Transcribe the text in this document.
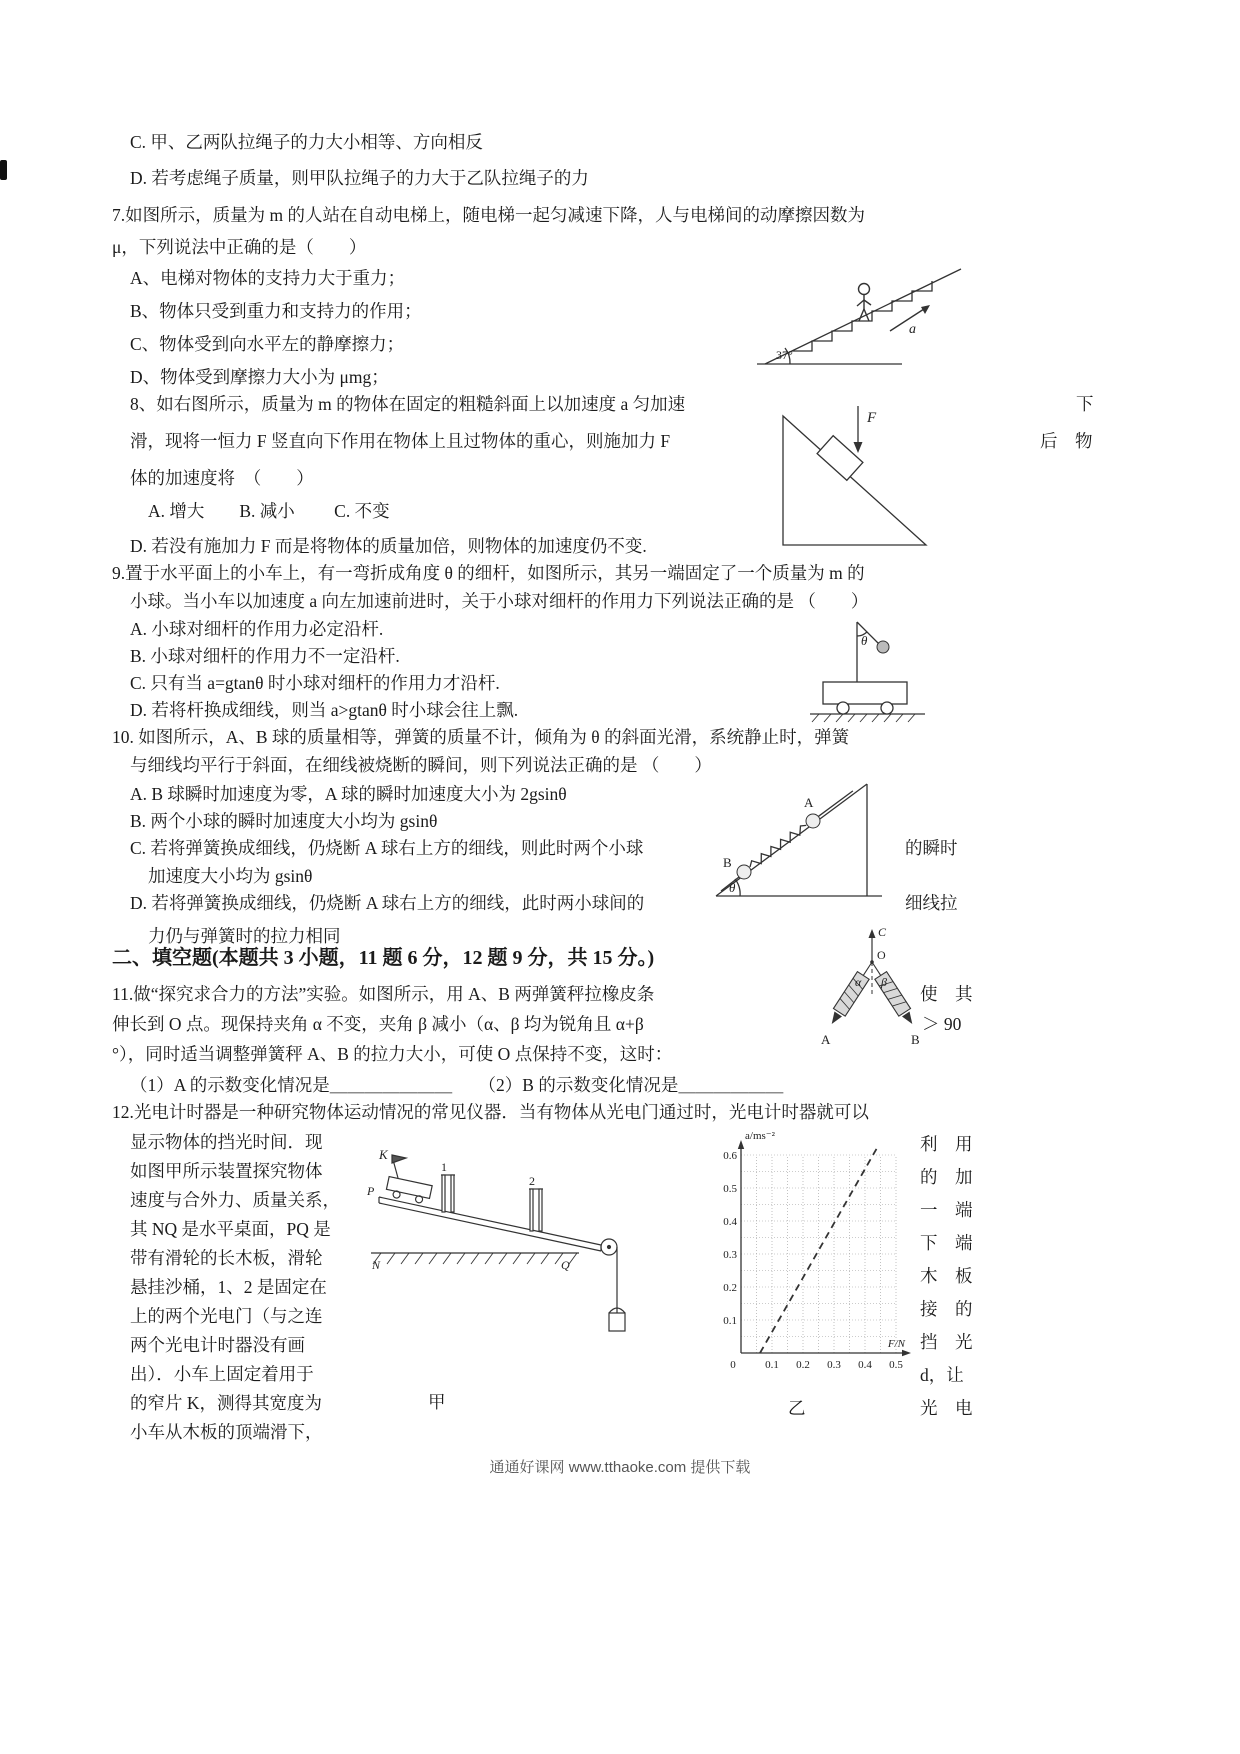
C. 甲、乙两队拉绳子的力大小相等、方向相反
D. 若考虑绳子质量，则甲队拉绳子的力大于乙队拉绳子的力
7.如图所示，质量为 m 的人站在自动电梯上，随电梯一起匀减速下降，人与电梯间的动摩擦因数为
μ，下列说法中正确的是（　　）
A、电梯对物体的支持力大于重力；
B、物体只受到重力和支持力的作用；
C、物体受到向水平左的静摩擦力；
D、物体受到摩擦力大小为 μmg；
a
37°
8、如右图所示，质量为 m 的物体在固定的粗糙斜面上以加速度 a 匀加速	下
滑，现将一恒力 F 竖直向下作用在物体上且过物体的重心，则施加力 F	后　物
体的加速度将  （　　）
A. 增大　　B. 减小　　 C. 不变
D. 若没有施加力 F 而是将物体的质量加倍，则物体的加速度仍不变.
F
9.置于水平面上的小车上，有一弯折成角度 θ 的细杆，如图所示，其另一端固定了一个质量为 m 的
小球。当小车以加速度 a 向左加速前进时，关于小球对细杆的作用力下列说法正确的是 （　　）
A. 小球对细杆的作用力必定沿杆.
B. 小球对细杆的作用力不一定沿杆.
C. 只有当 a=gtanθ 时小球对细杆的作用力才沿杆.
D. 若将杆换成细线，则当 a>gtanθ 时小球会往上飘.
θ
10. 如图所示，A、B 球的质量相等，弹簧的质量不计，倾角为 θ 的斜面光滑，系统静止时，弹簧
与细线均平行于斜面，在细线被烧断的瞬间，则下列说法正确的是 （　　）
A. B 球瞬时加速度为零，A 球的瞬时加速度大小为 2gsinθ
B. 两个小球的瞬时加速度大小均为 gsinθ
C. 若将弹簧换成细线，仍烧断 A 球右上方的细线，则此时两个小球	的瞬时
加速度大小均为 gsinθ
D. 若将弹簧换成细线，仍烧断 A 球右上方的细线，此时两小球间的	细线拉
力仍与弹簧时的拉力相同
B
A
θ
二、填空题(本题共 3 小题，11 题 6 分，12 题 9 分，共 15 分。)
11.做“探究求合力的方法”实验。如图所示，用 A、B 两弹簧秤拉橡皮条	使　其
伸长到 O 点。现保持夹角 α 不变，夹角 β 减小（α、β 均为锐角且 α+β	＞ 90
°），同时适当调整弹簧秤 A、B 的拉力大小，可使 O 点保持不变，这时：
（1）A 的示数变化情况是＿＿＿＿＿＿＿　　（2）B 的示数变化情况是＿＿＿＿＿＿
C
O
α β
A	B
12.光电计时器是一种研究物体运动情况的常见仪器．当有物体从光电门通过时，光电计时器就可以
显示物体的挡光时间．现
如图甲所示装置探究物体
速度与合外力、质量关系，
其 NQ 是水平桌面，PQ 是
带有滑轮的长木板，滑轮
悬挂沙桶，1、2 是固定在
上的两个光电门（与之连
两个光电计时器没有画
出）．小车上固定着用于
的窄片 K，测得其宽度为
小车从木板的顶端滑下，
利　用
的　加
一　端
下　端
木　板
接　的
挡　光
d，让
光　电
K
1
2
P
N	Q
甲
a/ms⁻²
F/N
0.6
0.5
0.4
0.3
0.2
0.1
0	0.1 0.2 0.3 0.4 0.5
乙
通通好课网 www.tthaoke.com 提供下载
